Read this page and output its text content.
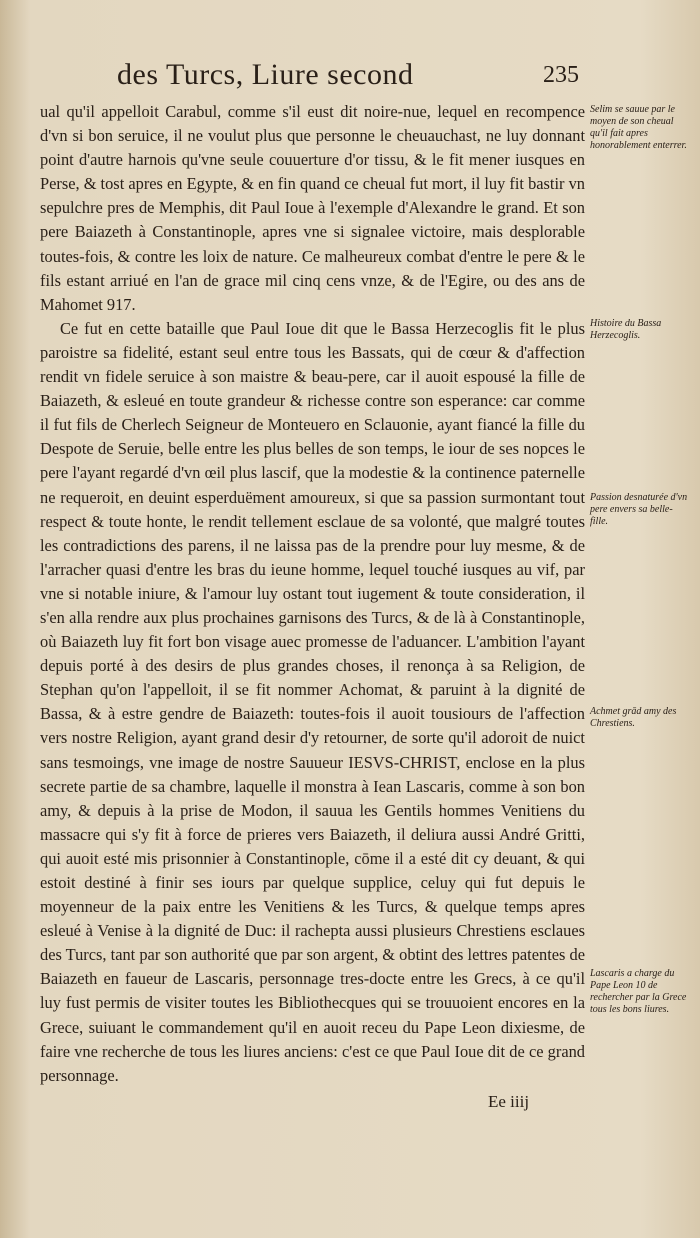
des Turcs, Liure second	235

ual qu'il appelloit Carabul, comme s'il eust dit noire-nue, lequel en recompence d'vn si bon seruice, il ne voulut plus que personne le cheuauchast, ne luy donnant point d'autre harnois qu'vne seule couuerture d'or tissu, & le fit mener iusques en Perse, & tost apres en Egypte, & en fin quand ce cheual fut mort, il luy fit bastir vn sepulchre pres de Memphis, dit Paul Ioue à l'exemple d'Alexandre le grand. Et son pere Baiazeth à Constantinople, apres vne si signalee victoire, mais desplorable toutes-fois, & contre les loix de nature. Ce malheureux combat d'entre le pere & le fils estant arriué en l'an de grace mil cinq cens vnze, & de l'Egire, ou des ans de Mahomet 917.

Ce fut en cette bataille que Paul Ioue dit que le Bassa Herzecoglis fit le plus paroistre sa fidelité, estant seul entre tous les Bassats, qui de cœur & d'affection rendit vn fidele seruice à son maistre & beau-pere, car il auoit espousé la fille de Baiazeth, & esleué en toute grandeur & richesse contre son esperance: car comme il fut fils de Cherlech Seigneur de Monteuero en Sclauonie, ayant fiancé la fille du Despote de Seruie, belle entre les plus belles de son temps, le iour de ses nopces le pere l'ayant regardé d'vn œil plus lascif, que la modestie & la continence paternelle ne requeroit, en deuint esperduëment amoureux, si que sa passion surmontant tout respect & toute honte, le rendit tellement esclaue de sa volonté, que malgré toutes les contradictions des parens, il ne laissa pas de la prendre pour luy mesme, & de l'arracher quasi d'entre les bras du ieune homme, lequel touché iusques au vif, par vne si notable iniure, & l'amour luy ostant tout iugement & toute consideration, il s'en alla rendre aux plus prochaines garnisons des Turcs, & de là à Constantinople, où Baiazeth luy fit fort bon visage auec promesse de l'aduancer. L'ambition l'ayant depuis porté à des desirs de plus grandes choses, il renonça à sa Religion, de Stephan qu'on l'appelloit, il se fit nommer Achomat, & paruint à la dignité de Bassa, & à estre gendre de Baiazeth: toutes-fois il auoit tousiours de l'affection vers nostre Religion, ayant grand desir d'y retourner, de sorte qu'il adoroit de nuict sans tesmoings, vne image de nostre Sauueur IESVS-CHRIST, enclose en la plus secrete partie de sa chambre, laquelle il monstra à Iean Lascaris, comme à son bon amy, & depuis à la prise de Modon, il sauua les Gentils hommes Venitiens du massacre qui s'y fit à force de prieres vers Baiazeth, il deliura aussi André Gritti, qui auoit esté mis prisonnier à Constantinople, cōme il a esté dit cy deuant, & qui estoit destiné à finir ses iours par quelque supplice, celuy qui fut depuis le moyenneur de la paix entre les Venitiens & les Turcs, & quelque temps apres esleué à Venise à la dignité de Duc: il rachepta aussi plusieurs Chrestiens esclaues des Turcs, tant par son authorité que par son argent, & obtint des lettres patentes de Baiazeth en faueur de Lascaris, personnage tres-docte entre les Grecs, à ce qu'il luy fust permis de visiter toutes les Bibliothecques qui se trouuoient encores en la Grece, suiuant le commandement qu'il en auoit receu du Pape Leon dixiesme, de faire vne recherche de tous les liures anciens: c'est ce que Paul Ioue dit de ce grand personnage.

Selim se sauue par le moyen de son cheual qu'il fait apres honorablement enterrer.
Histoire du Bassa Herzecoglis.
Passion desnaturée d'vn pere envers sa belle-fille.
Achmet grād amy des Chrestiens.
Lascaris a charge du Pape Leon 10 de rechercher par la Grece tous les bons liures.
Ee iiij
